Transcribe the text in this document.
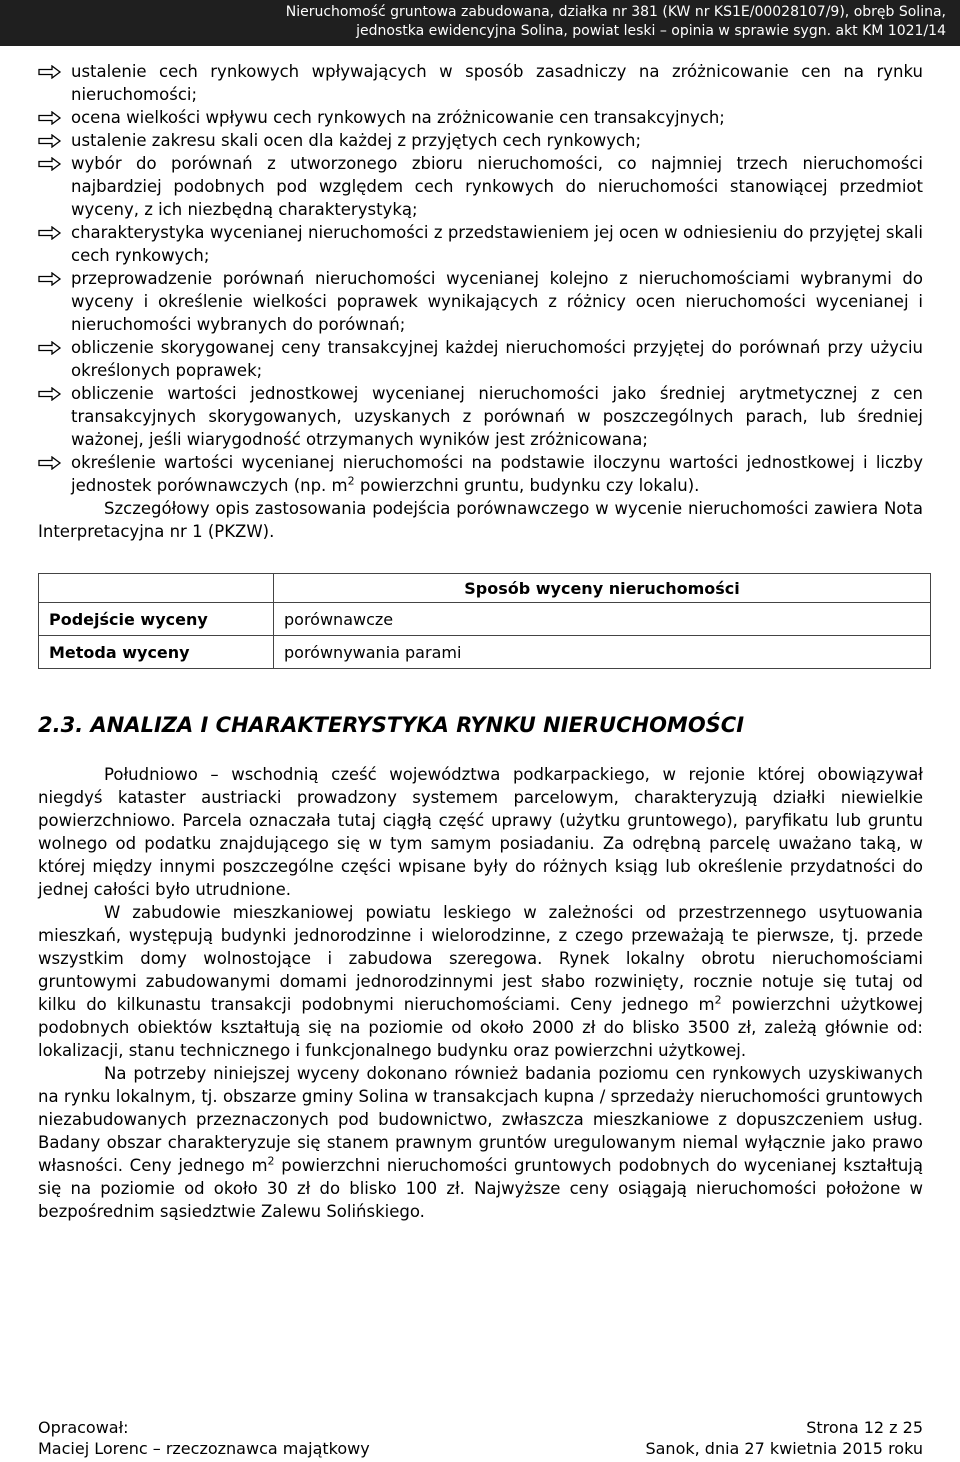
Nieruchomość gruntowa zabudowana, działka nr 381 (KW nr KS1E/00028107/9), obręb Solina,
jednostka ewidencyjna Solina, powiat leski – opinia w sprawie sygn. akt KM 1021/14
ustalenie cech rynkowych wpływających w sposób zasadniczy na zróżnicowanie cen na rynku nieruchomości;
ocena wielkości wpływu cech rynkowych na zróżnicowanie cen transakcyjnych;
ustalenie zakresu skali ocen dla każdej z przyjętych cech rynkowych;
wybór do porównań z utworzonego zbioru nieruchomości, co najmniej trzech nieruchomości najbardziej podobnych pod względem cech rynkowych do nieruchomości stanowiącej przedmiot wyceny, z ich niezbędną charakterystyką;
charakterystyka wycenianej nieruchomości z przedstawieniem jej ocen w odniesieniu do przyjętej skali cech rynkowych;
przeprowadzenie porównań nieruchomości wycenianej kolejno z nieruchomościami wybranymi do wyceny i określenie wielkości poprawek wynikających z różnicy ocen nieruchomości wycenianej i nieruchomości wybranych do porównań;
obliczenie skorygowanej ceny transakcyjnej każdej nieruchomości przyjętej do porównań przy użyciu określonych poprawek;
obliczenie wartości jednostkowej wycenianej nieruchomości jako średniej arytmetycznej z cen transakcyjnych skorygowanych, uzyskanych z porównań w poszczególnych parach, lub średniej ważonej, jeśli wiarygodność otrzymanych wyników jest zróżnicowana;
określenie wartości wycenianej nieruchomości na podstawie iloczynu wartości jednostkowej i liczby jednostek porównawczych (np. $m^2$ powierzchni gruntu, budynku czy lokalu).

Szczegółowy opis zastosowania podejścia porównawczego w wycenie nieruchomości zawiera Nota Interpretacyjna nr 1 (PKZW).

	Sposób wyceny nieruchomości
Podejście wyceny	porównawcze
Metoda wyceny	porównywania parami
2.3. ANALIZA I CHARAKTERYSTYKA RYNKU NIERUCHOMOŚCI

Południowo – wschodnią cześć województwa podkarpackiego, w rejonie której obowiązywał niegdyś kataster austriacki prowadzony systemem parcelowym, charakteryzują działki niewielkie powierzchniowo. Parcela oznaczała tutaj ciągłą część uprawy (użytku gruntowego), paryfikatu lub gruntu wolnego od podatku znajdującego się w tym samym posiadaniu. Za odrębną parcelę uważano taką, w której między innymi poszczególne części wpisane były do różnych ksiąg lub określenie przydatności do jednej całości było utrudnione.

W zabudowie mieszkaniowej powiatu leskiego w zależności od przestrzennego usytuowania mieszkań, występują budynki jednorodzinne i wielorodzinne, z czego przeważają te pierwsze, tj. przede wszystkim domy wolnostojące i zabudowa szeregowa. Rynek lokalny obrotu nieruchomościami gruntowymi zabudowanymi domami jednorodzinnymi jest słabo rozwinięty, rocznie notuje się tutaj od kilku do kilkunastu transakcji podobnymi nieruchomościami. Ceny jednego $m^2$ powierzchni użytkowej podobnych obiektów kształtują się na poziomie od około 2000 zł do blisko 3500 zł, zależą głównie od: lokalizacji, stanu technicznego i funkcjonalnego budynku oraz powierzchni użytkowej.

Na potrzeby niniejszej wyceny dokonano również badania poziomu cen rynkowych uzyskiwanych na rynku lokalnym, tj. obszarze gminy Solina w transakcjach kupna / sprzedaży nieruchomości gruntowych niezabudowanych przeznaczonych pod budownictwo, zwłaszcza mieszkaniowe z dopuszczeniem usług. Badany obszar charakteryzuje się stanem prawnym gruntów uregulowanym niemal wyłącznie jako prawo własności. Ceny jednego $m^2$ powierzchni nieruchomości gruntowych podobnych do wycenianej kształtują się na poziomie od około 30 zł do blisko 100 zł. Najwyższe ceny osiągają nieruchomości położone w bezpośrednim sąsiedztwie Zalewu Solińskiego.

Opracował:	Strona 12 z 25
Maciej Lorenc – rzeczoznawca majątkowy	Sanok, dnia 27 kwietnia 2015 roku
